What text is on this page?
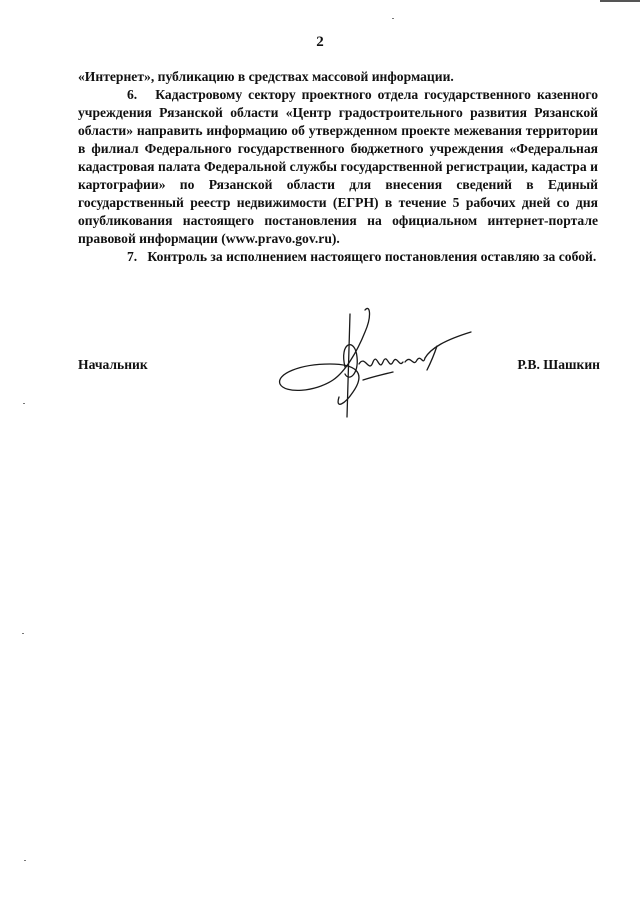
2

«Интернет», публикацию в средствах массовой информации.

6.   Кадастровому сектору проектного отдела государственного казенного учреждения Рязанской области «Центр градостроительного развития Рязанской области» направить информацию об утвержденном проекте межевания территории в филиал Федерального государственного бюджетного учреждения «Федеральная кадастровая палата Федеральной службы государственной регистрации, кадастра и картографии» по Рязанской области для внесения сведений в Единый государственный реестр недвижимости (ЕГРН) в течение 5 рабочих дней со дня опубликования настоящего постановления на официальном интернет-портале правовой информации (www.pravo.gov.ru).

7.   Контроль за исполнением настоящего постановления оставляю за собой.

Начальник	Р.В. Шашкин
